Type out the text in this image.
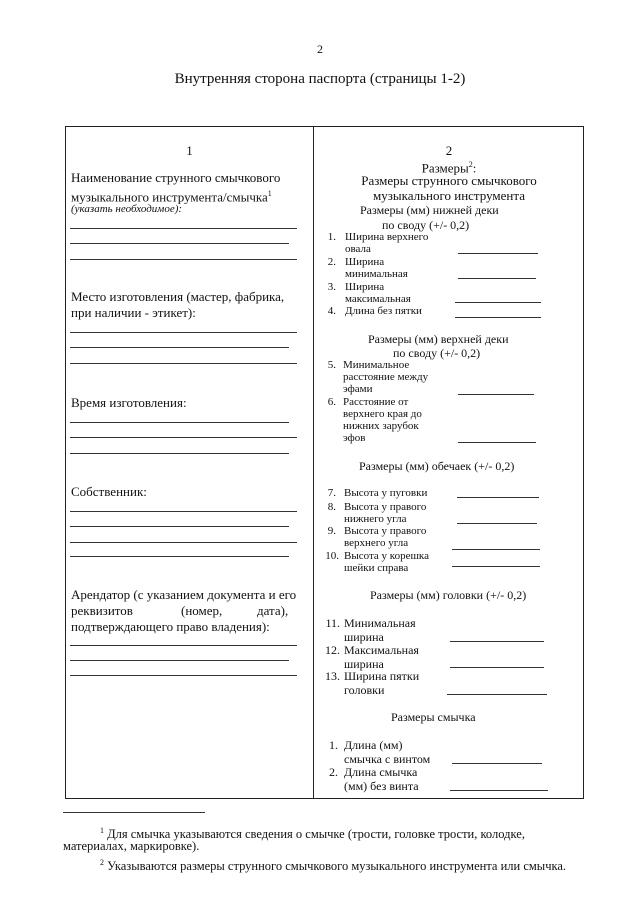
2
Внутренняя сторона паспорта (страницы 1-2)
1
Наименование струнного смычкового музыкального инструмента/смычка$^1$
(указать необходимое):
Место изготовления (мастер, фабрика,
при наличии - этикет):
Время изготовления:
Собственник:
Арендатор (с указанием документа и его
реквизитов	(номер,	дата),
подтверждающего право владения):
2
Размеры$^2$:
Размеры струнного смычкового
музыкального инструмента
Размеры (мм) нижней деки
по своду (+/- 0,2)
1. Ширина верхнего
овала
2. Ширина
минимальная
3. Ширина
максимальная
4. Длина без пятки
Размеры (мм) верхней деки
по своду (+/- 0,2)
5. Минимальное
расстояние между
эфами
6. Расстояние от
верхнего края до
нижних зарубок
эфов
Размеры (мм) обечаек (+/- 0,2)
7. Высота у пуговки
8. Высота у правого
нижнего угла
9. Высота у правого
верхнего угла
10. Высота у корешка
шейки справа
Размеры (мм) головки (+/- 0,2)
11. Минимальная
ширина
12. Максимальная
ширина
13. Ширина пятки
головки
Размеры смычка
1. Длина (мм)
смычка с винтом
2. Длина смычка
(мм) без винта
$^1$ Для смычка указываются сведения о смычке (трости, головке трости, колодке,
материалах, маркировке).
$^2$ Указываются размеры струнного смычкового музыкального инструмента или смычка.
